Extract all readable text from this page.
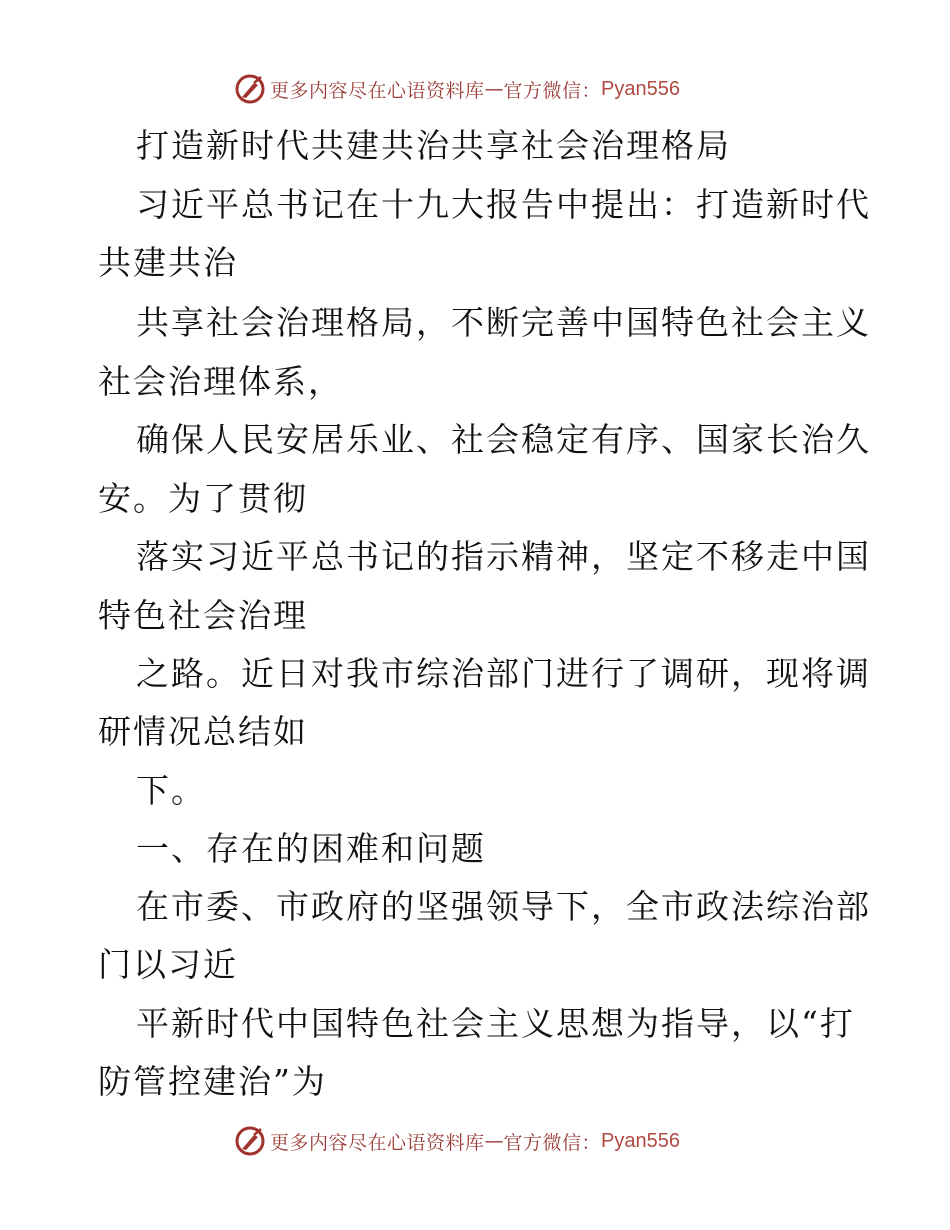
更多内容尽在心语资料库 — 官方微信： Pyan556

打造新时代共建共治共享社会治理格局

习近平总书记在十九大报告中提出：打造新时代

共建共治

共享社会治理格局，不断完善中国特色社会主义

社会治理体系，

确保人民安居乐业、社会稳定有序、国家长治久

安。为了贯彻

落实习近平总书记的指示精神，坚定不移走中国

特色社会治理

之路。近日对我市综治部门进行了调研，现将调

研情况总结如

下。

一、存在的困难和问题

在市委、市政府的坚强领导下，全市政法综治部

门以习近

平新时代中国特色社会主义思想为指导，以“打

防管控建治”为

更多内容尽在心语资料库 — 官方微信： Pyan556
